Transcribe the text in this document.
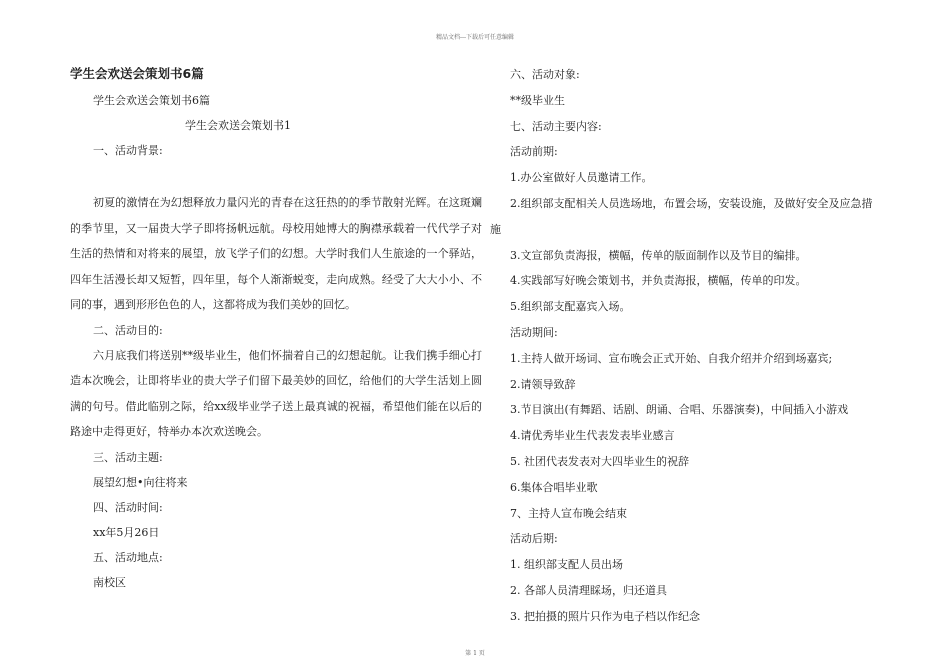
精品文档---下载后可任意编辑
学生会欢送会策划书6篇
学生会欢送会策划书6篇
学生会欢送会策划书1
一、活动背景:

初夏的激情在为幻想释放力量闪光的青春在这狂热的的季节散射光辉。在这斑斓的季节里，又一届贵大学子即将扬帆远航。母校用她博大的胸襟承载着一代代学子对生活的热情和对将来的展望，放飞学子们的幻想。大学时我们人生旅途的一个驿站，四年生活漫长却又短暂，四年里，每个人渐渐蜕变，走向成熟。经受了大大小小、不同的事，遇到形形色色的人，这都将成为我们美妙的回忆。

二、活动目的:

六月底我们将送别**级毕业生，他们怀揣着自己的幻想起航。让我们携手细心打造本次晚会，让即将毕业的贵大学子们留下最美妙的回忆，给他们的大学生活划上圆满的句号。借此临别之际，给xx级毕业学子送上最真诚的祝福，希望他们能在以后的路途中走得更好，特举办本次欢送晚会。

三、活动主题:
展望幻想•向往将来
四、活动时间:
xx年5月26日
五、活动地点:
南校区
六、活动对象:
**级毕业生
七、活动主要内容:
活动前期:
1.办公室做好人员邀请工作。
2.组织部支配相关人员选场地，布置会场，安装设施，及做好安全及应急措施
3.文宣部负责海报，横幅，传单的版面制作以及节目的编排。
4.实践部写好晚会策划书，并负责海报，横幅，传单的印发。
5.组织部支配嘉宾入场。
活动期间:
1.主持人做开场词、宣布晚会正式开始、自我介绍并介绍到场嘉宾;
2.请领导致辞
3.节目演出(有舞蹈、话剧、朗诵、合唱、乐器演奏)，中间插入小游戏
4.请优秀毕业生代表发表毕业感言
5. 社团代表发表对大四毕业生的祝辞
6.集体合唱毕业歌
7、主持人宣布晚会结束
活动后期:
1. 组织部支配人员出场
2. 各部人员清理睬场，归还道具
3. 把拍摄的照片只作为电子档以作纪念
第 1 页
